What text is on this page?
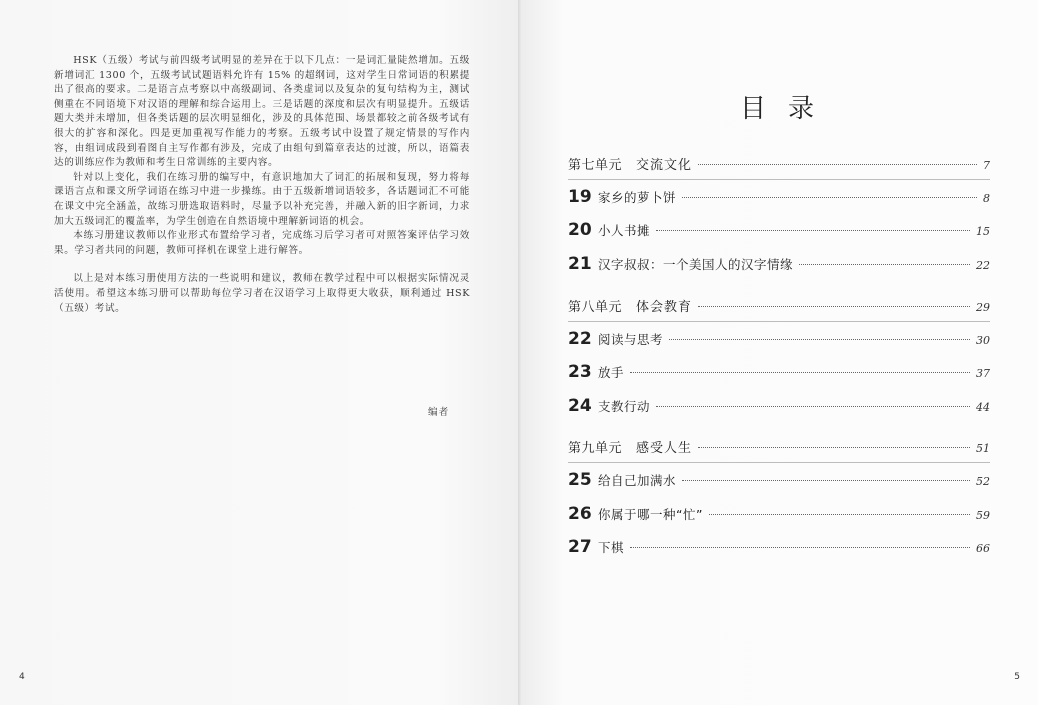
HSK（五级）考试与前四级考试明显的差异在于以下几点：一是词汇量陡然增加。五级新增词汇 1300 个，五级考试试题语料允许有 15% 的超纲词，这对学生日常词语的积累提出了很高的要求。二是语言点考察以中高级副词、各类虚词以及复杂的复句结构为主，测试侧重在不同语境下对汉语的理解和综合运用上。三是话题的深度和层次有明显提升。五级话题大类并未增加，但各类话题的层次明显细化，涉及的具体范围、场景都较之前各级考试有很大的扩容和深化。四是更加重视写作能力的考察。五级考试中设置了规定情景的写作内容，由组词成段到看图自主写作都有涉及，完成了由组句到篇章表达的过渡，所以，语篇表达的训练应作为教师和考生日常训练的主要内容。

针对以上变化，我们在练习册的编写中，有意识地加大了词汇的拓展和复现，努力将每课语言点和课文所学词语在练习中进一步操练。由于五级新增词语较多，各话题词汇不可能在课文中完全涵盖，故练习册选取语料时，尽量予以补充完善，并融入新的旧字新词，力求加大五级词汇的覆盖率，为学生创造在自然语境中理解新词语的机会。

本练习册建议教师以作业形式布置给学习者，完成练习后学习者可对照答案评估学习效果。学习者共同的问题，教师可择机在课堂上进行解答。

以上是对本练习册使用方法的一些说明和建议，教师在教学过程中可以根据实际情况灵活使用。希望这本练习册可以帮助每位学习者在汉语学习上取得更大收获，顺利通过 HSK（五级）考试。

编者
4
目录
第七单元 交流文化	7
19 家乡的萝卜饼	8
20 小人书摊	15
21 汉字叔叔：一个美国人的汉字情缘	22
第八单元 体会教育	29
22 阅读与思考	30
23 放手	37
24 支教行动	44
第九单元 感受人生	51
25 给自己加满水	52
26 你属于哪一种“忙”	59
27 下棋	66
5
